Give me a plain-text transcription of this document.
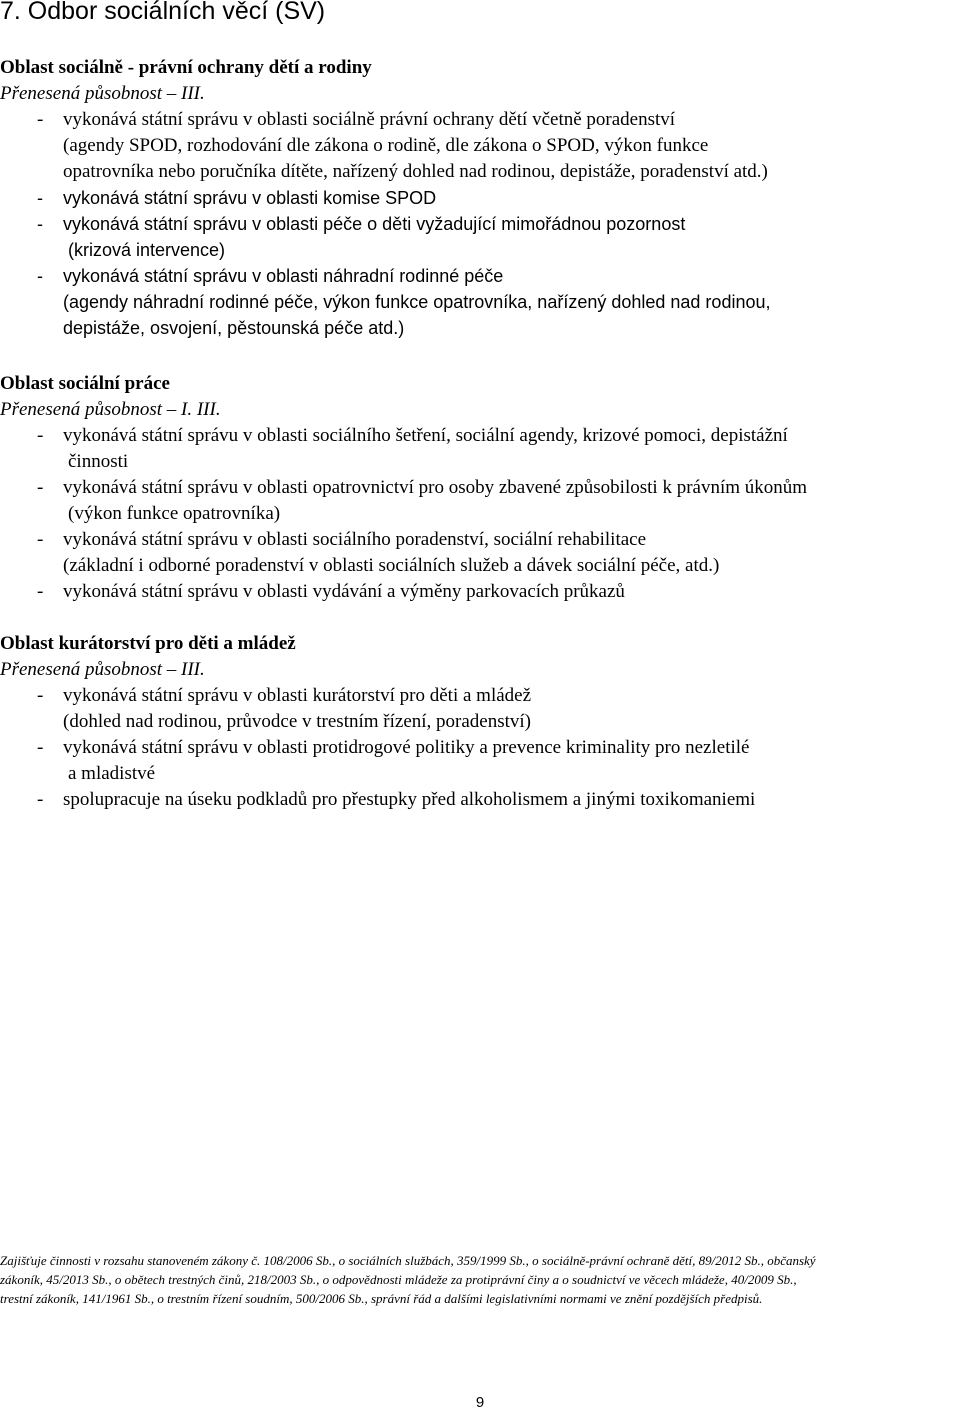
7. Odbor sociálních věcí (SV)
Oblast sociálně - právní ochrany dětí a rodiny
Přenesená působnost – III.
- vykonává státní správu v oblasti sociálně právní ochrany dětí včetně poradenství
(agendy SPOD, rozhodování dle zákona o rodině, dle zákona o SPOD, výkon funkce
opatrovníka nebo poručníka dítěte, nařízený dohled nad rodinou, depistáže, poradenství atd.)
- vykonává státní správu v oblasti komise SPOD
- vykonává státní správu v oblasti péče o děti vyžadující mimořádnou pozornost
(krizová intervence)
- vykonává státní správu v oblasti náhradní rodinné péče
(agendy náhradní rodinné péče, výkon funkce opatrovníka, nařízený dohled nad rodinou,
depistáže, osvojení, pěstounská péče atd.)
Oblast sociální práce
Přenesená působnost – I. III.
- vykonává státní správu v oblasti sociálního šetření, sociální agendy, krizové pomoci, depistážní
činnosti
- vykonává státní správu v oblasti opatrovnictví pro osoby zbavené způsobilosti k právním úkonům
(výkon funkce opatrovníka)
- vykonává státní správu v oblasti sociálního poradenství, sociální rehabilitace
(základní i odborné poradenství v oblasti sociálních služeb a dávek sociální péče, atd.)
- vykonává státní správu v oblasti vydávání a výměny parkovacích průkazů
Oblast kurátorství pro děti a mládež
Přenesená působnost – III.
- vykonává státní správu v oblasti kurátorství pro děti a mládež
(dohled nad rodinou, průvodce v trestním řízení, poradenství)
- vykonává státní správu v oblasti protidrogové politiky a prevence kriminality pro nezletilé
a mladistvé
- spolupracuje na úseku podkladů pro přestupky před alkoholismem a jinými toxikomaniemi
Zajišťuje činnosti v rozsahu stanoveném zákony č. 108/2006 Sb., o sociálních službách, 359/1999 Sb., o sociálně-právní ochraně dětí, 89/2012 Sb., občanský
zákoník, 45/2013 Sb., o obětech trestných činů, 218/2003 Sb., o odpovědnosti mládeže za protiprávní činy a o soudnictví ve věcech mládeže, 40/2009 Sb.,
trestní zákoník, 141/1961 Sb., o trestním řízení soudním, 500/2006 Sb., správní řád a dalšími legislativními normami ve znění pozdějších předpisů.
9
